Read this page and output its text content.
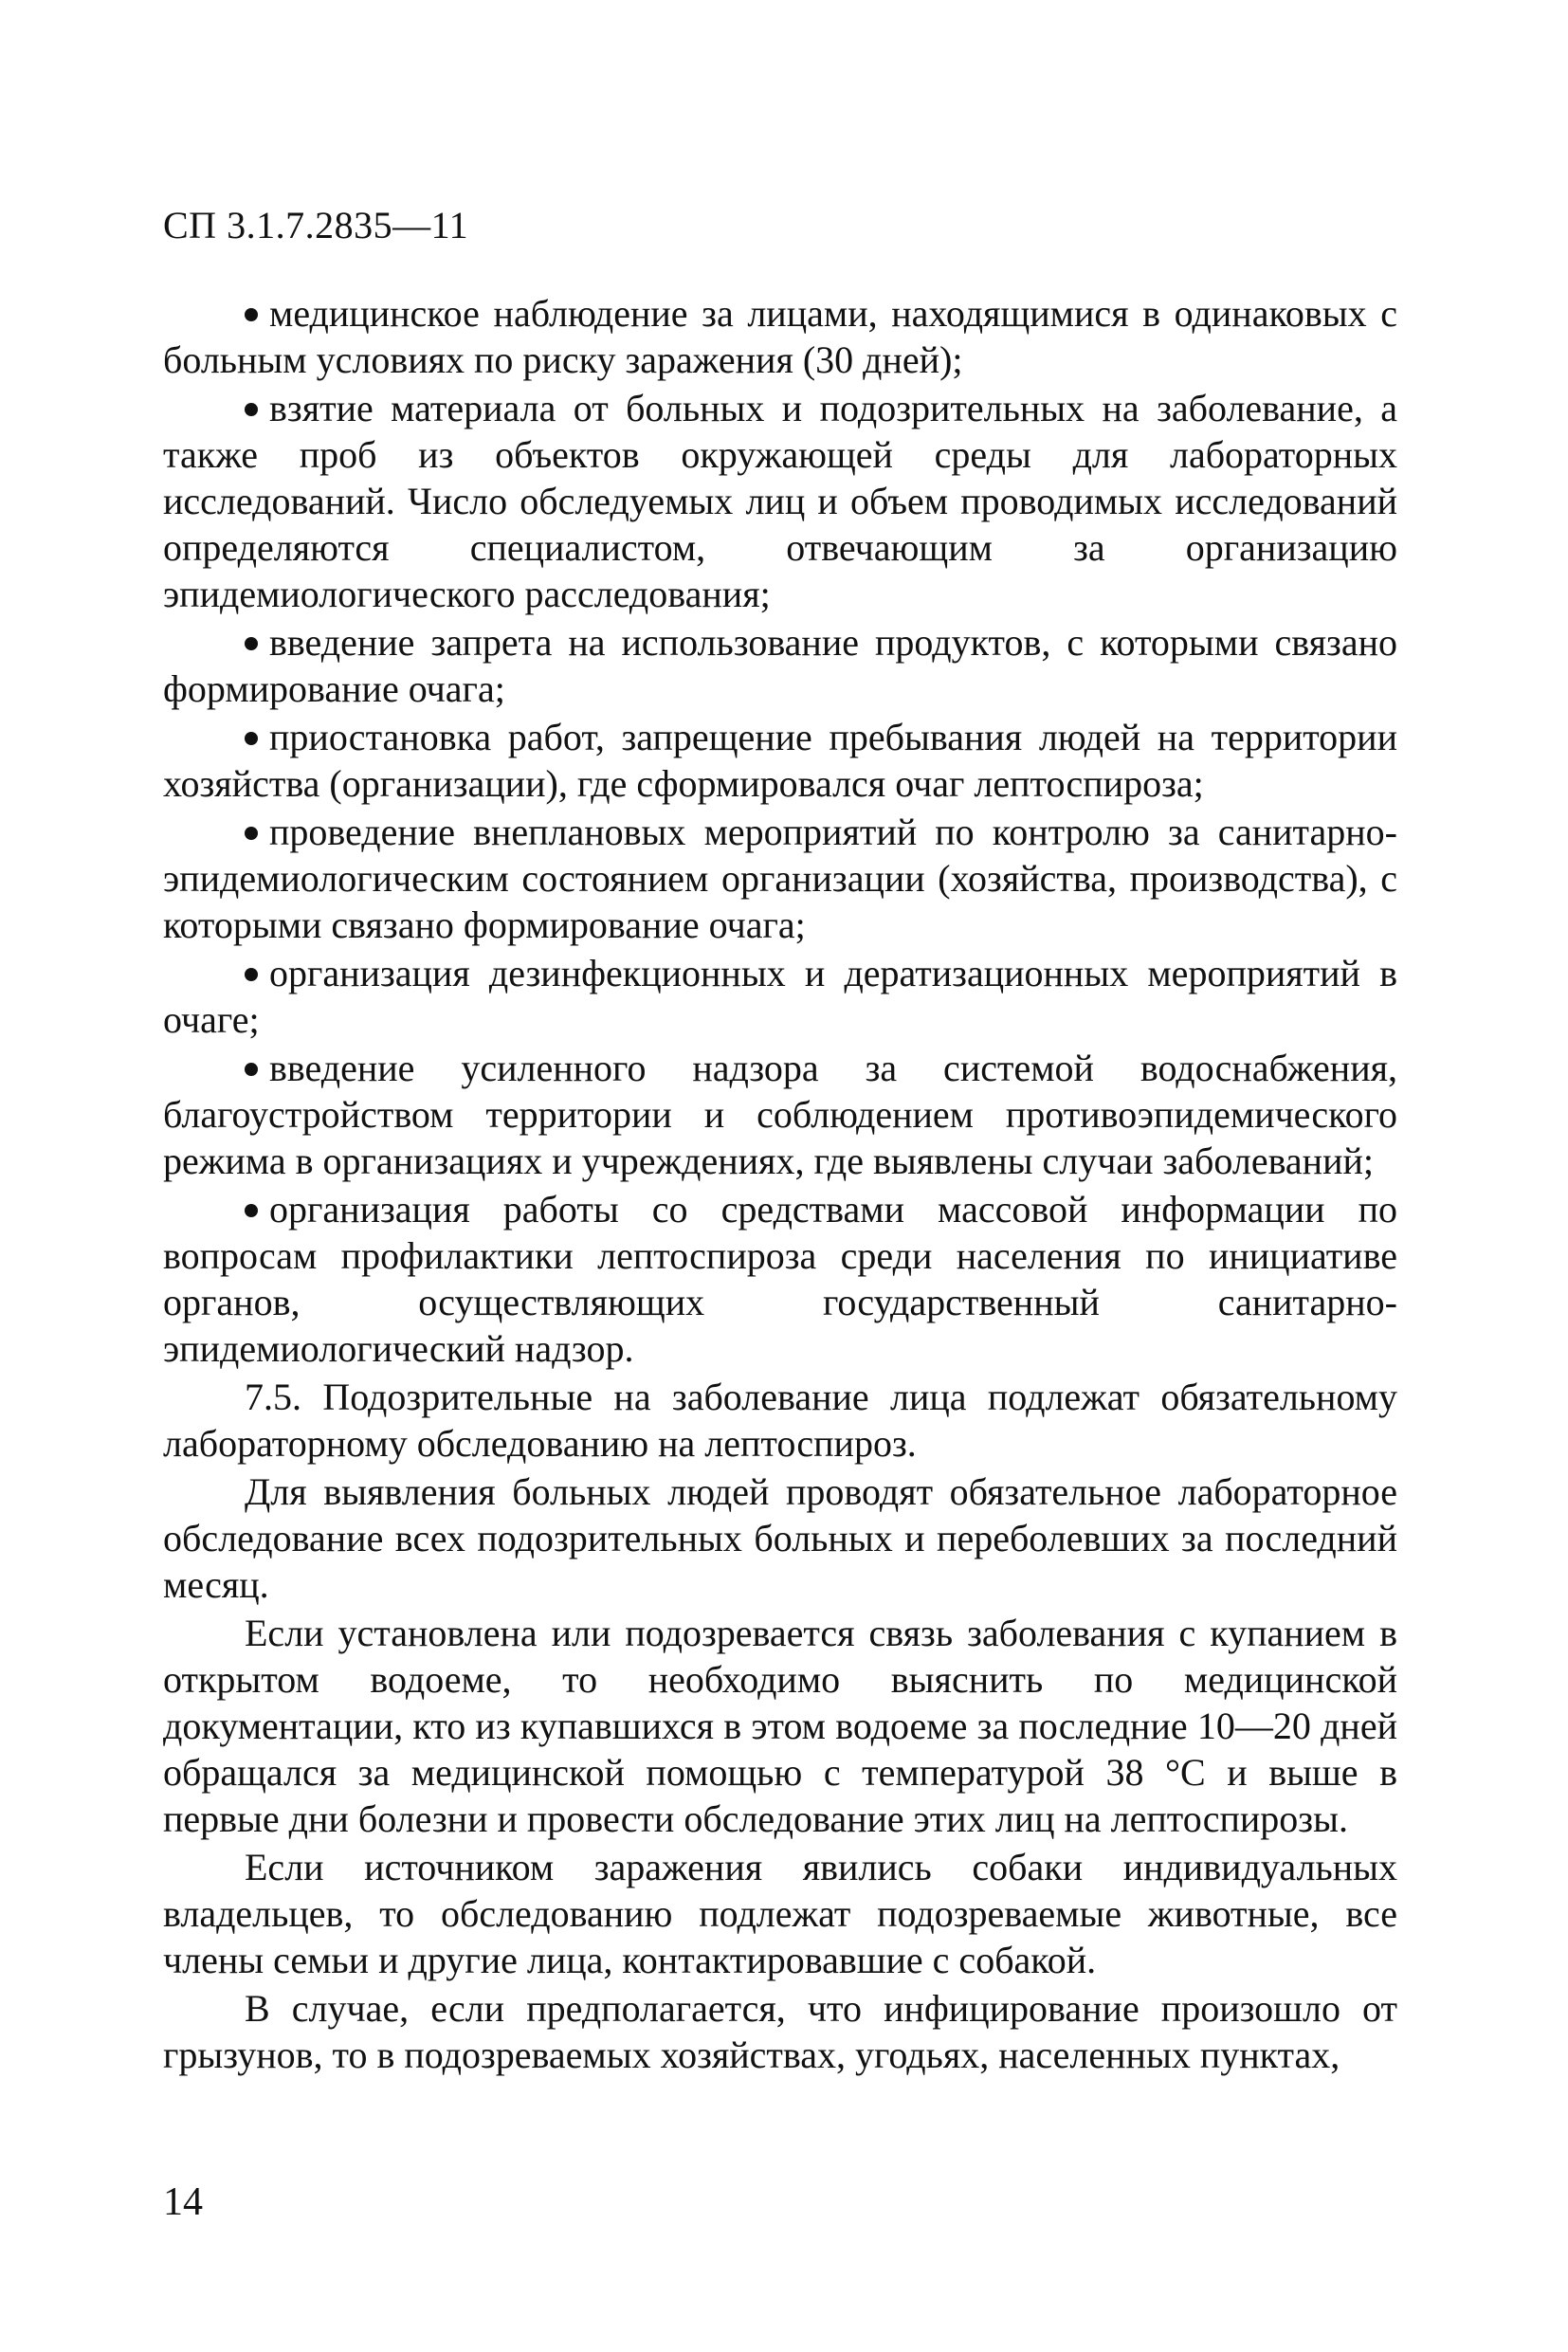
СП 3.1.7.2835—11

медицинское наблюдение за лицами, находящимися в одинаковых с больным условиях по риску заражения (30 дней);

взятие материала от больных и подозрительных на заболевание, а также проб из объектов окружающей среды для лабораторных исследований. Число обследуемых лиц и объем проводимых исследований определяются специалистом, отвечающим за организацию эпидемиологического расследования;

введение запрета на использование продуктов, с которыми связано формирование очага;

приостановка работ, запрещение пребывания людей на территории хозяйства (организации), где сформировался очаг лептоспироза;

проведение внеплановых мероприятий по контролю за санитарно-эпидемиологическим состоянием организации (хозяйства, производства), с которыми связано формирование очага;

организация дезинфекционных и дератизационных мероприятий в очаге;

введение усиленного надзора за системой водоснабжения, благоустройством территории и соблюдением противоэпидемического режима в организациях и учреждениях, где выявлены случаи заболеваний;

организация работы со средствами массовой информации по вопросам профилактики лептоспироза среди населения по инициативе органов, осуществляющих государственный санитарно-эпидемиологический надзор.

7.5. Подозрительные на заболевание лица подлежат обязательному лабораторному обследованию на лептоспироз.

Для выявления больных людей проводят обязательное лабораторное обследование всех подозрительных больных и переболевших за последний месяц.

Если установлена или подозревается связь заболевания с купанием в открытом водоеме, то необходимо выяснить по медицинской документации, кто из купавшихся в этом водоеме за последние 10—20 дней обращался за медицинской помощью с температурой 38 °С и выше в первые дни болезни и провести обследование этих лиц на лептоспирозы.

Если источником заражения явились собаки индивидуальных владельцев, то обследованию подлежат подозреваемые животные, все члены семьи и другие лица, контактировавшие с собакой.

В случае, если предполагается, что инфицирование произошло от грызунов, то в подозреваемых хозяйствах, угодьях, населенных пунктах,

14
